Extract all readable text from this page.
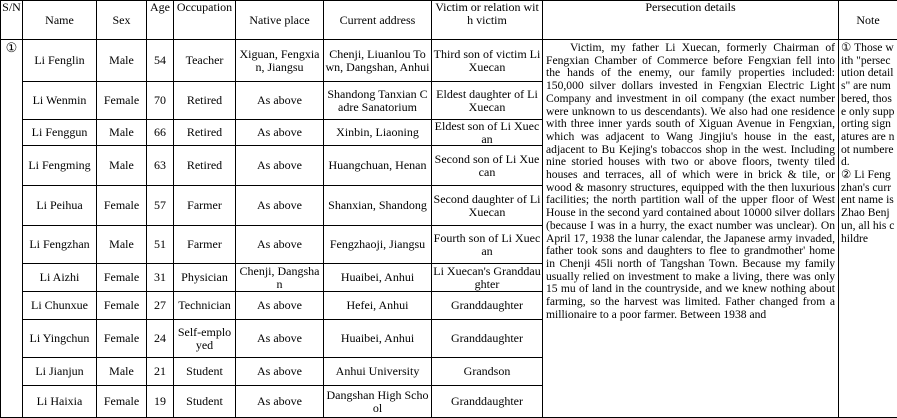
S/N	Name	Sex	Age	Occupation	Native place	Current address	Victim or relation with victim	Persecution details	Note
①	Li Fenglin	Male	54	Teacher	Xiguan, Fengxian, Jiangsu	Chenji, Liuanlou Town, Dangshan, Anhui	Third son of victim Li Xuecan	Victim, my father Li Xuecan, formerly Chairman of Fengxian Chamber of Commerce before Fengxian fell into the hands of the enemy, our family properties included: 150,000 silver dollars invested in Fengxian Electric Light Company and investment in oil company (the exact number were unknown to us descendants). We also had one residence with three inner yards south of Xiguan Avenue in Fengxian, which was adjacent to Wang Jingjiu's house in the east, adjacent to Bu Kejing's tobaccos shop in the west. Including nine storied houses with two or above floors, twenty tiled houses and terraces, all of which were in brick & tile, or wood & masonry structures, equipped with the then luxurious facilities; the north partition wall of the upper floor of West House in the second yard contained about 10000 silver dollars (because I was in a hurry, the exact number was unclear). On April 17, 1938 the lunar calendar, the Japanese army invaded, father took sons and daughters to flee to grandmother' home in Chenji 45li north of Tangshan Town. Because my family usually relied on investment to make a living, there was only 15 mu of land in the countryside, and we knew nothing about farming, so the harvest was limited. Father changed from a millionaire to a poor farmer. Between 1938 and	① Those with "persecution details" are numbered, those only supporting signatures are not numbered.

② Li Fengzhan's current name is Zhao Benjun, all his childre

	Li Wenmin	Female	70	Retired	As above	Shandong Tanxian Cadre Sanatorium	Eldest daughter of Li Xuecan		
	Li Fenggun	Male	66	Retired	As above	Xinbin, Liaoning	Eldest son of Li Xuecan		
	Li Fengming	Male	63	Retired	As above	Huangchuan, Henan	Second son of Li Xuecan		
	Li Peihua	Female	57	Farmer	As above	Shanxian, Shandong	Second daughter of Li Xuecan		
	Li Fengzhan	Male	51	Farmer	As above	Fengzhaoji, Jiangsu	Fourth son of Li Xuecan		
	Li Aizhi	Female	31	Physician	Chenji, Dangshan	Huaibei, Anhui	Li Xuecan's Granddaughter		
	Li Chunxue	Female	27	Technician	As above	Hefei, Anhui	Granddaughter		
	Li Yingchun	Female	24	Self-employed	As above	Huaibei, Anhui	Granddaughter		
	Li Jianjun	Male	21	Student	As above	Anhui University	Grandson		
	Li Haixia	Female	19	Student	As above	Dangshan High School	Granddaughter		
